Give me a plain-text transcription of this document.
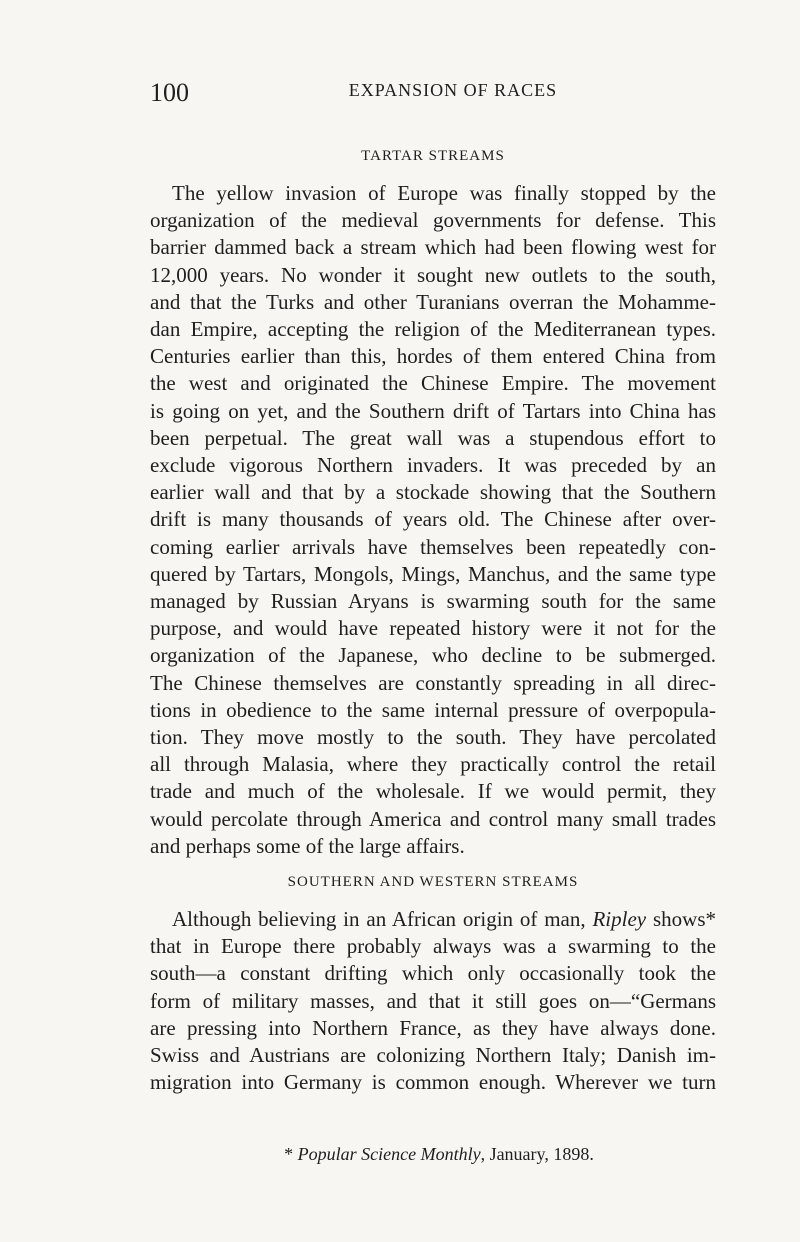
100	EXPANSION OF RACES
TARTAR STREAMS
The yellow invasion of Europe was finally stopped by the
organization of the medieval governments for defense. This
barrier dammed back a stream which had been flowing west for
12,000 years. No wonder it sought new outlets to the south,
and that the Turks and other Turanians overran the Mohamme-
dan Empire, accepting the religion of the Mediterranean types.
Centuries earlier than this, hordes of them entered China from
the west and originated the Chinese Empire. The movement
is going on yet, and the Southern drift of Tartars into China has
been perpetual. The great wall was a stupendous effort to
exclude vigorous Northern invaders. It was preceded by an
earlier wall and that by a stockade showing that the Southern
drift is many thousands of years old. The Chinese after over-
coming earlier arrivals have themselves been repeatedly con-
quered by Tartars, Mongols, Mings, Manchus, and the same type
managed by Russian Aryans is swarming south for the same
purpose, and would have repeated history were it not for the
organization of the Japanese, who decline to be submerged.
The Chinese themselves are constantly spreading in all direc-
tions in obedience to the same internal pressure of overpopula-
tion. They move mostly to the south. They have percolated
all through Malasia, where they practically control the retail
trade and much of the wholesale. If we would permit, they
would percolate through America and control many small trades
and perhaps some of the large affairs.
SOUTHERN AND WESTERN STREAMS
Although believing in an African origin of man, Ripley shows*
that in Europe there probably always was a swarming to the
south—a constant drifting which only occasionally took the
form of military masses, and that it still goes on—“Germans
are pressing into Northern France, as they have always done.
Swiss and Austrians are colonizing Northern Italy; Danish im-
migration into Germany is common enough. Wherever we turn
* Popular Science Monthly, January, 1898.
